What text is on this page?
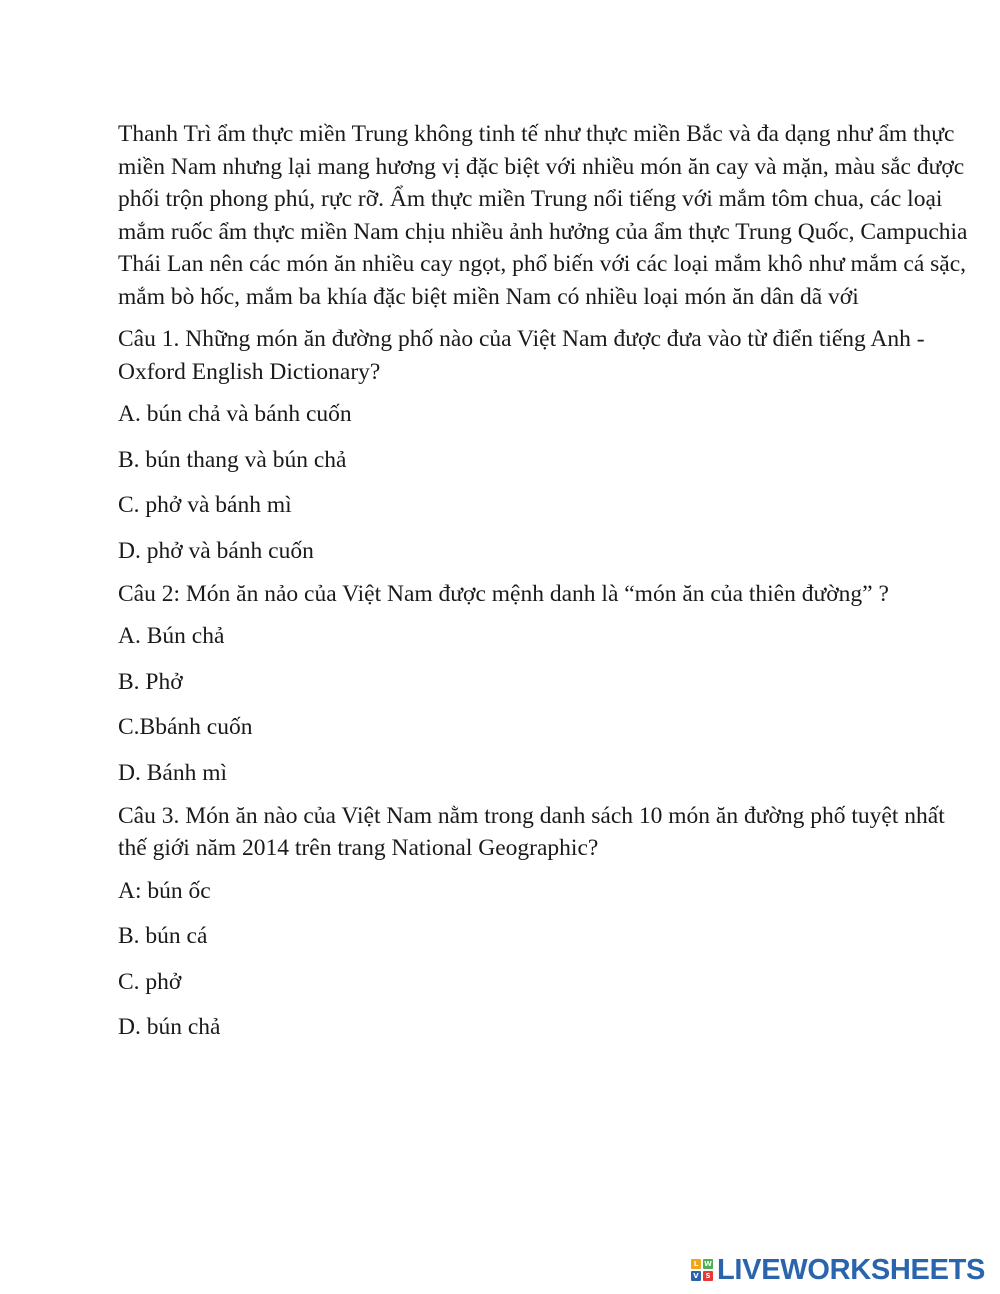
Thanh Trì ẩm thực miền Trung không tinh tế như thực miền Bắc và đa dạng như ẩm thực miền Nam nhưng lại mang hương vị đặc biệt với nhiều món ăn cay và mặn, màu sắc được phối trộn phong phú, rực rỡ. Ẩm thực miền Trung nổi tiếng với mắm tôm chua, các loại mắm ruốc ẩm thực miền Nam chịu nhiều ảnh hưởng của ẩm thực Trung Quốc, Campuchia Thái Lan nên các món ăn nhiều cay ngọt, phổ biến với các loại mắm khô như mắm cá sặc, mắm bò hốc, mắm ba khía đặc biệt miền Nam có nhiều loại món ăn dân dã với

Câu 1. Những món ăn đường phố nào của Việt Nam được đưa vào từ điển tiếng Anh - Oxford English Dictionary?

A. bún chả và bánh cuốn

B. bún thang và bún chả

C. phở và bánh mì

D. phở và bánh cuốn

Câu 2: Món ăn nảo của Việt Nam được mệnh danh là “món ăn của thiên đường” ?

A. Bún chả

B. Phở

C.Bbánh cuốn

D. Bánh mì

Câu 3. Món ăn nào của Việt Nam nằm trong danh sách 10 món ăn đường phố tuyệt nhất thế giới năm 2014 trên trang National Geographic?

A: bún ốc

B. bún cá

C. phở

D. bún chả

L W
V S LIVEWORKSHEETS
